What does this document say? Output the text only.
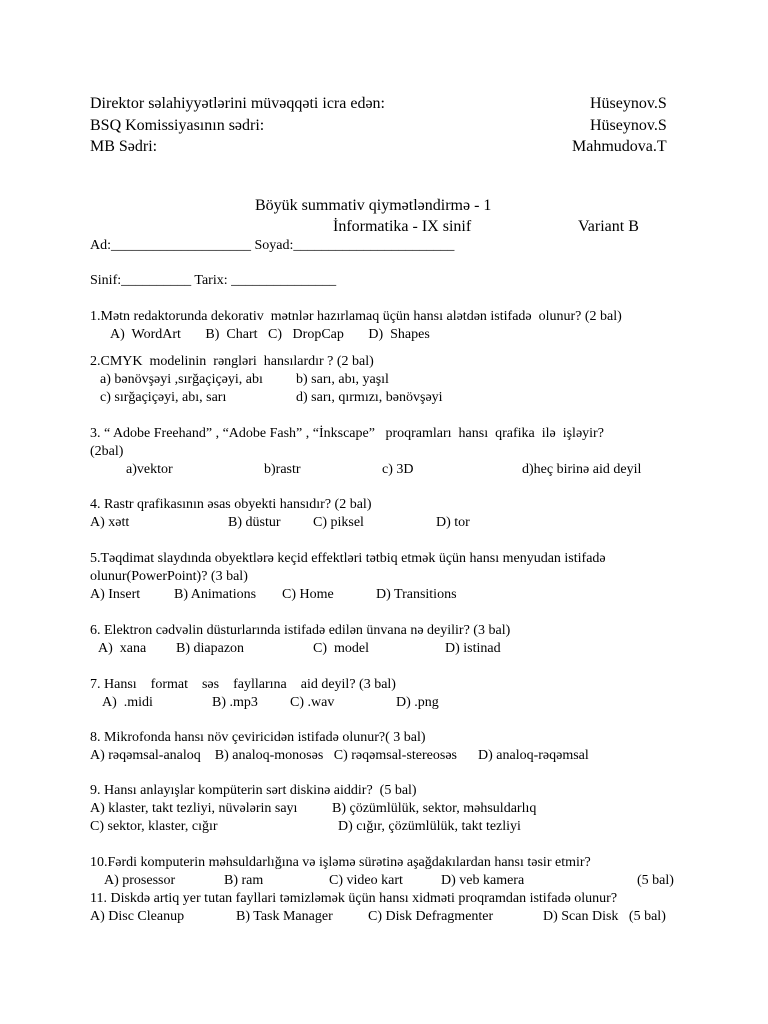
Direktor səlahiyyətlərini müvəqqəti icra edən:	Hüseynov.S
BSQ Komissiyasının sədri:	Hüseynov.S
MB Sədri:	Mahmudova.T
Böyük summativ qiymətləndirmə - 1
İnformatika - IX sinif	Variant B
Ad:____________________ Soyad:_______________________
Sinif:__________ Tarix: _______________
1.Mətn redaktorunda dekorativ  mətnlər hazırlamaq üçün hansı alətdən istifadə  olunur? (2 bal)
A)  WordArt       B)  Chart   C)   DropCap       D)  Shapes
2.CMYK  modelinin  rəngləri  hansılardır ? (2 bal)
a) bənövşəyi ,sırğaçiçəyi, abı b) sarı, abı, yaşıl
c) sırğaçiçəyi, abı, sarı	d) sarı, qırmızı, bənövşəyi
3. “ Adobe Freehand” , “Adobe Fash” , “İnkscape”   proqramları  hansı  qrafika  ilə  işləyir?
(2bal)
a)vektor	b)rastr	c) 3D	d)heç birinə aid deyil
4. Rastr qrafikasının əsas obyekti hansıdır? (2 bal)
A) xətt	B) düstur C) piksel	D) tor
5.Təqdimat slaydında obyektlərə keçid effektləri tətbiq etmək üçün hansı menyudan istifadə
olunur(PowerPoint)? (3 bal)
A) Insert B) Animations C) Home	D) Transitions
6. Elektron cədvəlin düsturlarında istifadə edilən ünvana nə deyilir? (3 bal)
A)  xana B) diapazon	C)  model	D) istinad
7. Hansı    format    səs    fayllarına    aid deyil? (3 bal)
A)  .midi	B) .mp3 C) .wav	D) .png
8. Mikrofonda hansı növ çeviricidən istifadə olunur?( 3 bal)
A) rəqəmsal-analoq    B) analoq-monosəs   C) rəqəmsal-stereosəs      D) analoq-rəqəmsal
9. Hansı anlayışlar kompüterin sərt diskinə aiddir?  (5 bal)
A) klaster, takt tezliyi, nüvələrin sayı B) çözümlülük, sektor, məhsuldarlıq
C) sektor, klaster, cığır	D) cığır, çözümlülük, takt tezliyi
10.Fərdi komputerin məhsuldarlığına və işləmə sürətinə aşağdakılardan hansı təsir etmir?
A) prosessor	B) ram	C) video kart	D) veb kamera	(5 bal)
11. Diskdə artiq yer tutan fayllari təmizləmək üçün hansı xidməti proqramdan istifadə olunur?
A) Disc Cleanup	B) Task Manager	C) Disk Defragmenter	D) Scan Disk   (5 bal)
